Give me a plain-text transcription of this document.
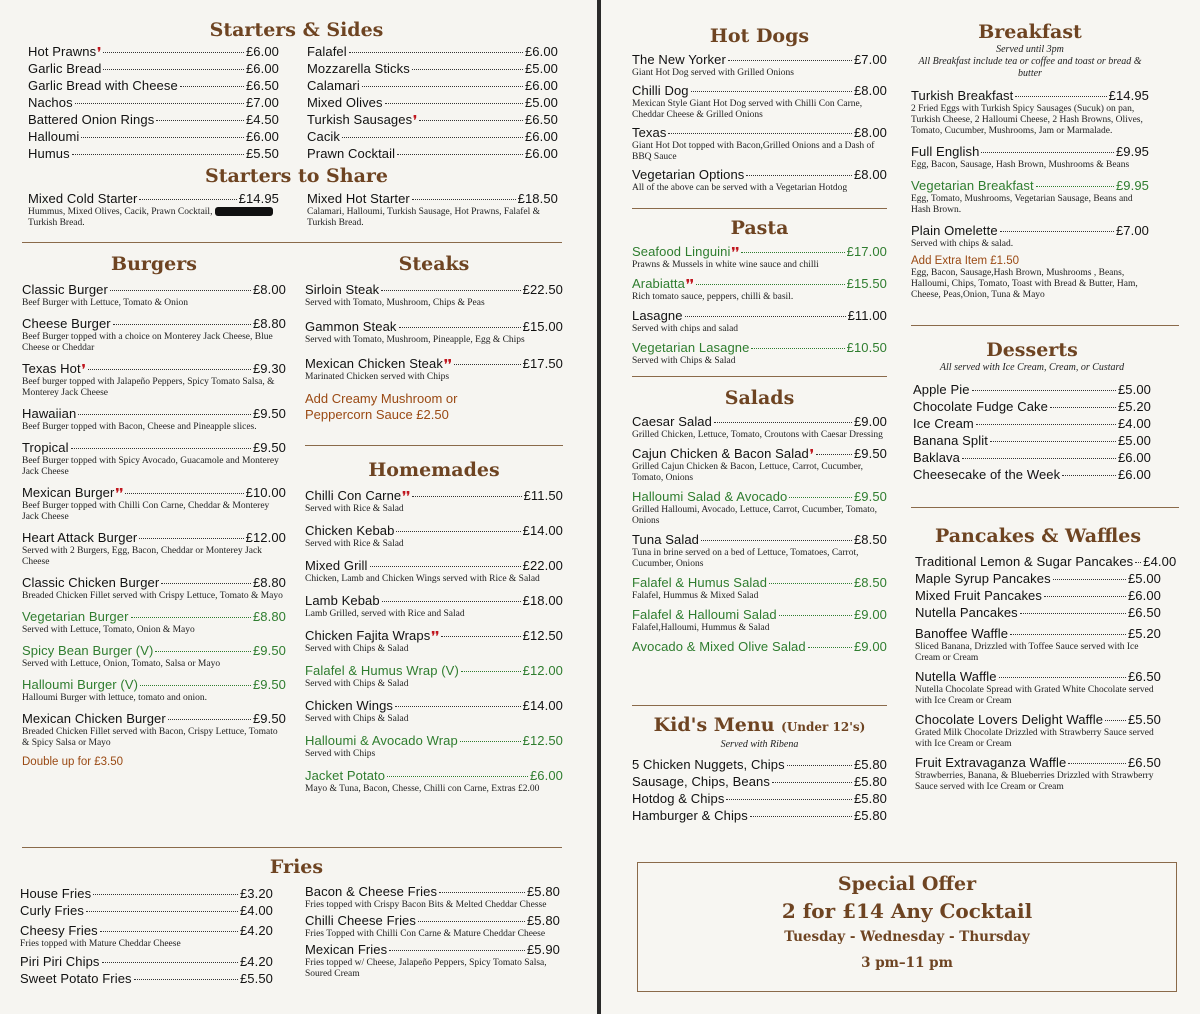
Starters & Sides
Hot Prawns ❜	£6.00
Garlic Bread	£6.00
Garlic Bread with Cheese	£6.50
Nachos	£7.00
Battered Onion Rings	£4.50
Halloumi	£6.00
Humus	£5.50
Falafel	£6.00
Mozzarella Sticks	£5.00
Calamari	£6.00
Mixed Olives	£5.00
Turkish Sausages ❜	£6.50
Cacik	£6.00
Prawn Cocktail	£6.00
Starters to Share
Mixed Cold Starter	£14.95
Hummus, Mixed Olives, Cacik, Prawn Cocktail,
Turkish Bread.
Mixed Hot Starter	£18.50
Calamari, Halloumi, Turkish Sausage, Hot Prawns, Falafel & Turkish Bread.
Burgers
Classic Burger	£8.00
Beef Burger with Lettuce, Tomato & Onion
Cheese Burger	£8.80
Beef Burger topped with a choice on Monterey Jack Cheese, Blue Cheese or Cheddar
Texas Hot ❜	£9.30
Beef burger topped with Jalapeño Peppers, Spicy Tomato Salsa, & Monterey Jack Cheese
Hawaiian	£9.50
Beef Burger topped with Bacon, Cheese and Pineapple slices.
Tropical	£9.50
Beef Burger topped with Spicy Avocado, Guacamole and Monterey Jack Cheese
Mexican Burger ❜❜	£10.00
Beef Burger topped with Chilli Con Carne, Cheddar & Monterey Jack Cheese
Heart Attack Burger	£12.00
Served with 2 Burgers, Egg, Bacon, Cheddar or Monterey Jack Cheese
Classic Chicken Burger	£8.80
Breaded Chicken Fillet served with Crispy Lettuce, Tomato & Mayo
Vegetarian Burger	£8.80
Served with Lettuce, Tomato, Onion & Mayo
Spicy Bean Burger (V)	£9.50
Served with Lettuce, Onion, Tomato, Salsa or Mayo
Halloumi Burger (V)	£9.50
Halloumi Burger with lettuce, tomato and onion.
Mexican Chicken Burger	£9.50
Breaded Chicken Fillet served with Bacon, Crispy Lettuce, Tomato & Spicy Salsa or Mayo
Double up for £3.50
Steaks
Sirloin Steak	£22.50
Served with Tomato, Mushroom, Chips & Peas
Gammon Steak	£15.00
Served with Tomato, Mushroom, Pineapple, Egg & Chips
Mexican Chicken Steak ❜❜	£17.50
Marinated Chicken served with Chips
Add Creamy Mushroom or
Peppercorn Sauce £2.50
Homemades
Chilli Con Carne ❜❜	£11.50
Served with Rice & Salad
Chicken Kebab	£14.00
Served with Rice & Salad
Mixed Grill	£22.00
Chicken, Lamb and Chicken Wings served with Rice & Salad
Lamb Kebab	£18.00
Lamb Grilled, served with Rice and Salad
Chicken Fajita Wraps ❜❜	£12.50
Served with Chips & Salad
Falafel & Humus Wrap (V)	£12.00
Served with Chips & Salad
Chicken Wings	£14.00
Served with Chips & Salad
Halloumi & Avocado Wrap	£12.50
Served with Chips
Jacket Potato	£6.00
Mayo & Tuna, Bacon, Chesse, Chilli con Carne, Extras £2.00
Fries
House Fries	£3.20
Curly Fries	£4.00
Cheesy Fries	£4.20
Fries topped with Mature Cheddar Cheese
Piri Piri Chips	£4.20
Sweet Potato Fries	£5.50
Bacon & Cheese Fries	£5.80
Fries topped with Crispy Bacon Bits & Melted Cheddar Chesse
Chilli Cheese Fries	£5.80
Fries Topped with Chilli Con Carne & Mature Cheddar Cheese
Mexican Fries	£5.90
Fries topped w/ Cheese, Jalapeño Peppers, Spicy Tomato Salsa, Soured Cream
Hot Dogs
The New Yorker	£7.00
Giant Hot Dog served with Grilled Onions
Chilli Dog	£8.00
Mexican Style Giant Hot Dog served with Chilli Con Carne, Cheddar Cheese & Grilled Onions
Texas	£8.00
Giant Hot Dot topped with Bacon,Grilled Onions and a Dash of BBQ Sauce
Vegetarian Options	£8.00
All of the above can be served with a Vegetarian Hotdog
Pasta
Seafood Linguini ❜❜	£17.00
Prawns & Mussels in white wine sauce and chilli
Arabiatta ❜❜	£15.50
Rich tomato sauce, peppers, chilli & basil.
Lasagne	£11.00
Served with chips and salad
Vegetarian Lasagne	£10.50
Served with Chips & Salad
Salads
Caesar Salad	£9.00
Grilled Chicken, Lettuce, Tomato, Croutons with Caesar Dressing
Cajun Chicken & Bacon Salad ❜	£9.50
Grilled Cajun Chicken & Bacon, Lettuce, Carrot, Cucumber, Tomato, Onions
Halloumi Salad & Avocado	£9.50
Grilled Halloumi, Avocado, Lettuce, Carrot, Cucumber, Tomato, Onions
Tuna Salad	£8.50
Tuna in brine served on a bed of Lettuce, Tomatoes, Carrot, Cucumber, Onions
Falafel & Humus Salad	£8.50
Falafel, Hummus & Mixed Salad
Falafel & Halloumi Salad	£9.00
Falafel,Halloumi, Hummus & Salad
Avocado & Mixed Olive Salad	£9.00
Kid's Menu (Under 12's)
Served with Ribena
5 Chicken Nuggets, Chips	£5.80
Sausage, Chips, Beans	£5.80
Hotdog & Chips	£5.80
Hamburger & Chips	£5.80
Breakfast
Served until 3pm
All Breakfast include tea or coffee and toast or bread & butter
Turkish Breakfast	£14.95
2 Fried Eggs with Turkish Spicy Sausages (Sucuk) on pan, Turkish Cheese, 2 Halloumi Cheese, 2 Hash Browns, Olives, Tomato, Cucumber, Mushrooms, Jam or Marmalade.
Full English	£9.95
Egg, Bacon, Sausage, Hash Brown, Mushrooms & Beans
Vegetarian Breakfast	£9.95
Egg, Tomato, Mushrooms, Vegetarian Sausage, Beans and Hash Brown.
Plain Omelette	£7.00
Served with chips & salad.
Add Extra Item £1.50
Egg, Bacon, Sausage,Hash Brown, Mushrooms , Beans, Halloumi, Chips, Tomato, Toast with Bread & Butter, Ham, Cheese, Peas,Onion, Tuna & Mayo
Desserts
All served with Ice Cream, Cream, or Custard
Apple Pie	£5.00
Chocolate Fudge Cake	£5.20
Ice Cream	£4.00
Banana Split	£5.00
Baklava	£6.00
Cheesecake of the Week	£6.00
Pancakes & Waffles
Traditional Lemon & Sugar Pancakes £4.00
Maple Syrup Pancakes	£5.00
Mixed Fruit Pancakes	£6.00
Nutella Pancakes	£6.50
Banoffee Waffle	£5.20
Sliced Banana, Drizzled with Toffee Sauce served with Ice Cream or Cream
Nutella Waffle	£6.50
Nutella Chocolate Spread with Grated White Chocolate served with Ice Cream or Cream
Chocolate Lovers Delight Waffle £5.50
Grated Milk Chocolate Drizzled with Strawberry Sauce served with Ice Cream or Cream
Fruit Extravaganza Waffle	£6.50
Strawberries, Banana, & Blueberries Drizzled with Strawberry Sauce served with Ice Cream or Cream
Special Offer
2 for £14 Any Cocktail
Tuesday - Wednesday - Thursday
3 pm–11 pm
